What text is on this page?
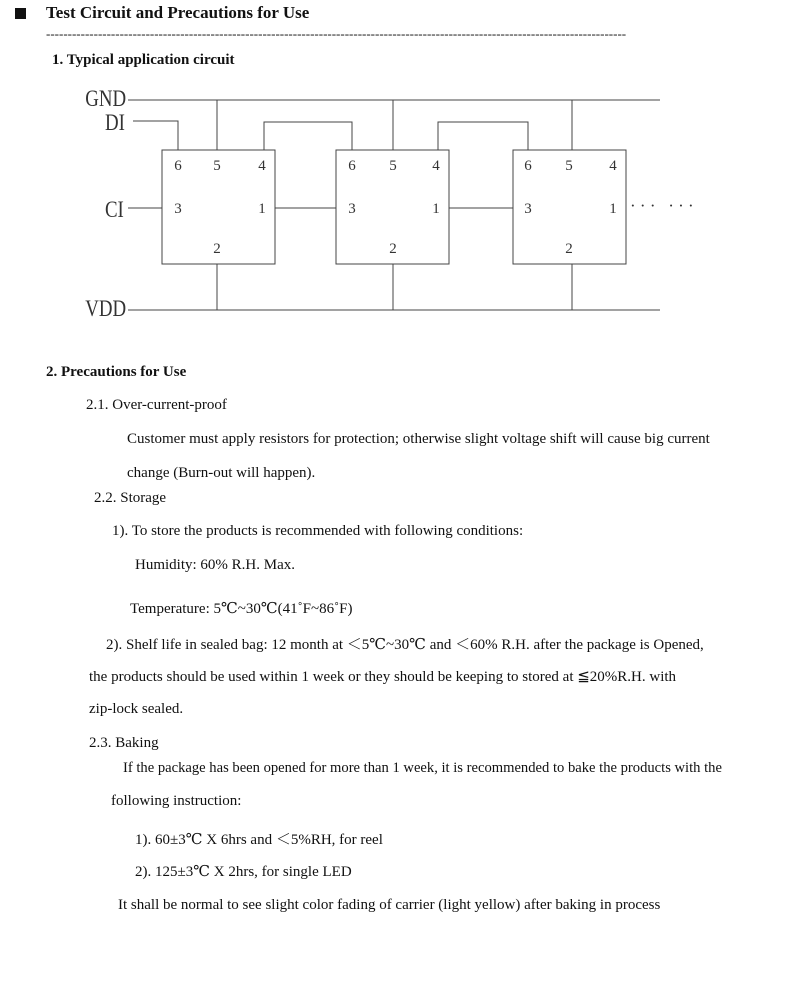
Test Circuit and Precautions for Use
--------------------------------------------------------------------------------------------------------------------------------------
1. Typical application circuit
GND
DI
CI
VDD
6 5	4
3	1
2
6 5 4
3	1
2
6 5 4
3	1
2
· · ·   · · ·
2. Precautions for Use
2.1. Over-current-proof
Customer must apply resistors for protection; otherwise slight voltage shift will cause big current
change (Burn-out will happen).
2.2. Storage
1). To store the products is recommended with following conditions:
Humidity: 60% R.H. Max.
Temperature: 5℃~30℃(41˚F~86˚F)
2). Shelf life in sealed bag: 12 month at ＜5℃~30℃ and ＜60% R.H. after the package is Opened,
the products should be used within 1 week or they should be keeping to stored at ≦20%R.H. with
zip-lock sealed.
2.3. Baking
If the package has been opened for more than 1 week, it is recommended to bake the products with the
following instruction:
1). 60±3℃ X 6hrs and ＜5%RH, for reel
2). 125±3℃ X 2hrs, for single LED
It shall be normal to see slight color fading of carrier (light yellow) after baking in process
